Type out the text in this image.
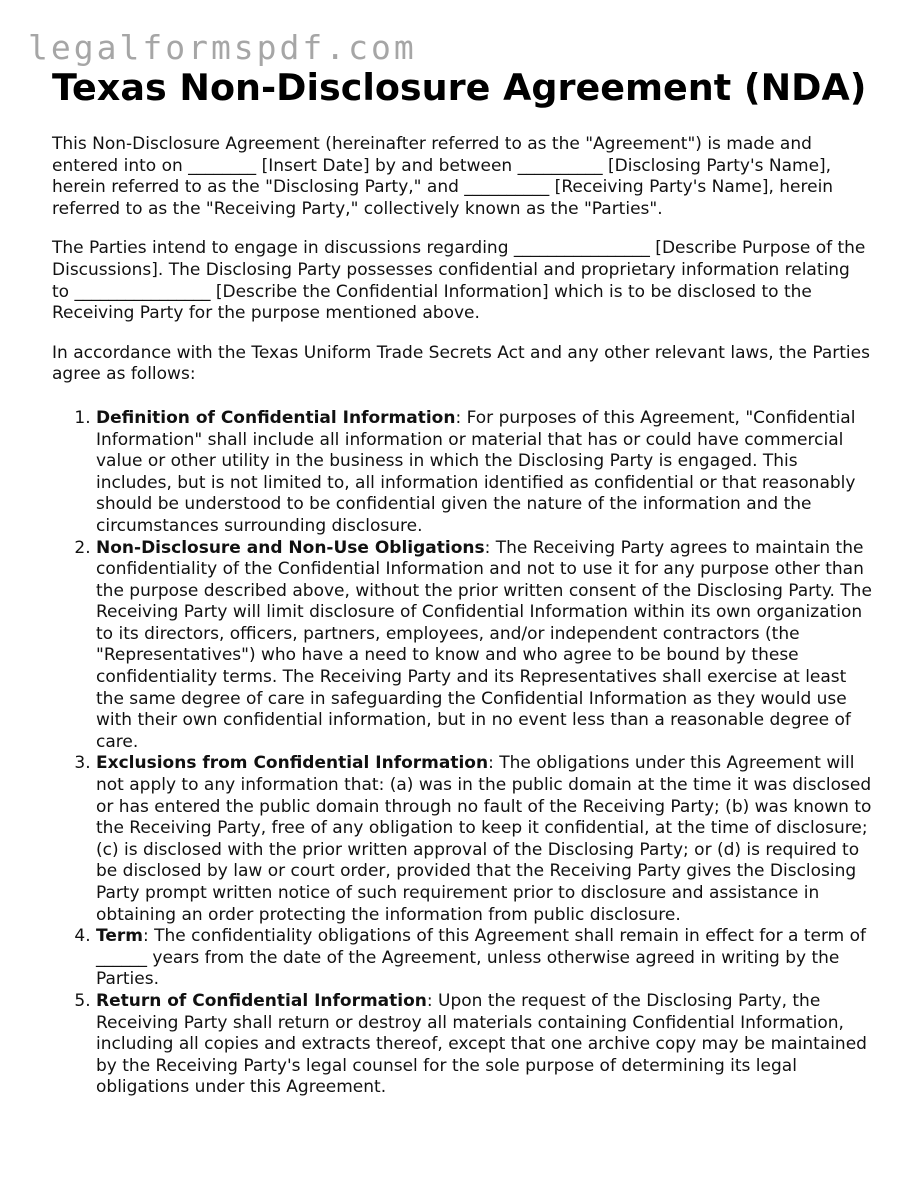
legalformspdf.com
Texas Non-Disclosure Agreement (NDA)

This Non-Disclosure Agreement (hereinafter referred to as the "Agreement") is made and entered into on ________ [Insert Date] by and between __________ [Disclosing Party's Name], herein referred to as the "Disclosing Party," and __________ [Receiving Party's Name], herein referred to as the "Receiving Party," collectively known as the "Parties".

The Parties intend to engage in discussions regarding ________________ [Describe Purpose of the Discussions]. The Disclosing Party possesses confidential and proprietary information relating to ________________ [Describe the Confidential Information] which is to be disclosed to the Receiving Party for the purpose mentioned above.

In accordance with the Texas Uniform Trade Secrets Act and any other relevant laws, the Parties agree as follows:

1. Definition of Confidential Information: For purposes of this Agreement, "Confidential Information" shall include all information or material that has or could have commercial value or other utility in the business in which the Disclosing Party is engaged. This includes, but is not limited to, all information identified as confidential or that reasonably should be understood to be confidential given the nature of the information and the circumstances surrounding disclosure.
2. Non-Disclosure and Non-Use Obligations: The Receiving Party agrees to maintain the confidentiality of the Confidential Information and not to use it for any purpose other than the purpose described above, without the prior written consent of the Disclosing Party. The Receiving Party will limit disclosure of Confidential Information within its own organization to its directors, officers, partners, employees, and/or independent contractors (the "Representatives") who have a need to know and who agree to be bound by these confidentiality terms. The Receiving Party and its Representatives shall exercise at least the same degree of care in safeguarding the Confidential Information as they would use with their own confidential information, but in no event less than a reasonable degree of care.
3. Exclusions from Confidential Information: The obligations under this Agreement will not apply to any information that: (a) was in the public domain at the time it was disclosed or has entered the public domain through no fault of the Receiving Party; (b) was known to the Receiving Party, free of any obligation to keep it confidential, at the time of disclosure; (c) is disclosed with the prior written approval of the Disclosing Party; or (d) is required to be disclosed by law or court order, provided that the Receiving Party gives the Disclosing Party prompt written notice of such requirement prior to disclosure and assistance in obtaining an order protecting the information from public disclosure.
4. Term: The confidentiality obligations of this Agreement shall remain in effect for a term of ______ years from the date of the Agreement, unless otherwise agreed in writing by the Parties.
5. Return of Confidential Information: Upon the request of the Disclosing Party, the Receiving Party shall return or destroy all materials containing Confidential Information, including all copies and extracts thereof, except that one archive copy may be maintained by the Receiving Party's legal counsel for the sole purpose of determining its legal obligations under this Agreement.
